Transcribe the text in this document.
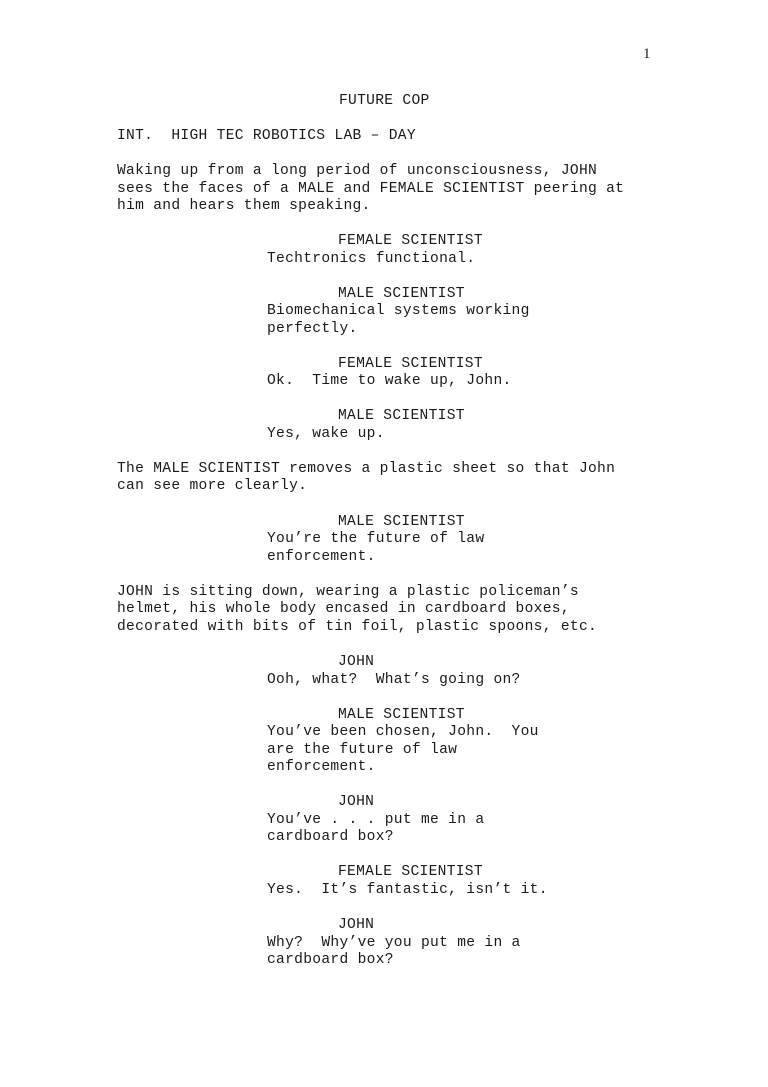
1
FUTURE COP
INT.  HIGH TEC ROBOTICS LAB – DAY
Waking up from a long period of unconsciousness, JOHN
sees the faces of a MALE and FEMALE SCIENTIST peering at
him and hears them speaking.
FEMALE SCIENTIST
Techtronics functional.
MALE SCIENTIST
Biomechanical systems working
perfectly.
FEMALE SCIENTIST
Ok.  Time to wake up, John.
MALE SCIENTIST
Yes, wake up.
The MALE SCIENTIST removes a plastic sheet so that John
can see more clearly.
MALE SCIENTIST
You’re the future of law
enforcement.
JOHN is sitting down, wearing a plastic policeman’s
helmet, his whole body encased in cardboard boxes,
decorated with bits of tin foil, plastic spoons, etc.
JOHN
Ooh, what?  What’s going on?
MALE SCIENTIST
You’ve been chosen, John.  You
are the future of law
enforcement.
JOHN
You’ve . . . put me in a
cardboard box?
FEMALE SCIENTIST
Yes.  It’s fantastic, isn’t it.
JOHN
Why?  Why’ve you put me in a
cardboard box?
